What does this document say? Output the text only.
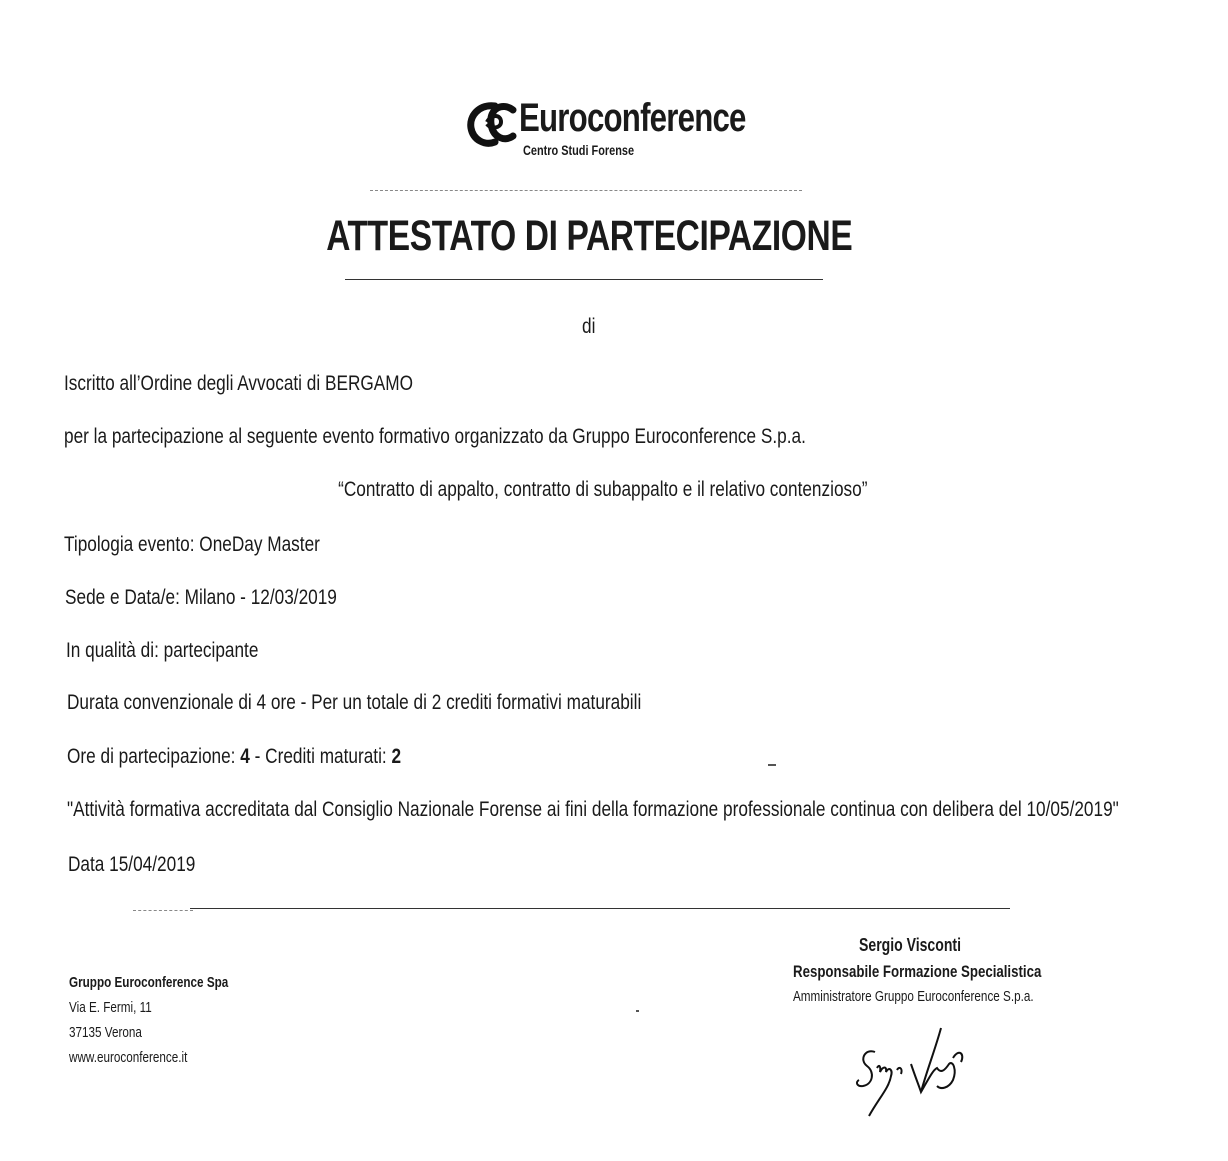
Euroconference
Centro Studi Forense
ATTESTATO DI PARTECIPAZIONE
di
Iscritto all’Ordine degli Avvocati di BERGAMO
per la partecipazione al seguente evento formativo organizzato da Gruppo Euroconference S.p.a.
“Contratto di appalto, contratto di subappalto e il relativo contenzioso”
Tipologia evento: OneDay Master
Sede e Data/e: Milano - 12/03/2019
In qualità di: partecipante
Durata convenzionale di 4 ore - Per un totale di 2 crediti formativi maturabili
Ore di partecipazione: 4 - Crediti maturati: 2
"Attività formativa accreditata dal Consiglio Nazionale Forense ai fini della formazione professionale continua con delibera del 10/05/2019"
Data 15/04/2019
Gruppo Euroconference Spa
Via E. Fermi, 11
37135 Verona
www.euroconference.it
Sergio Visconti
Responsabile Formazione Specialistica
Amministratore Gruppo Euroconference S.p.a.
